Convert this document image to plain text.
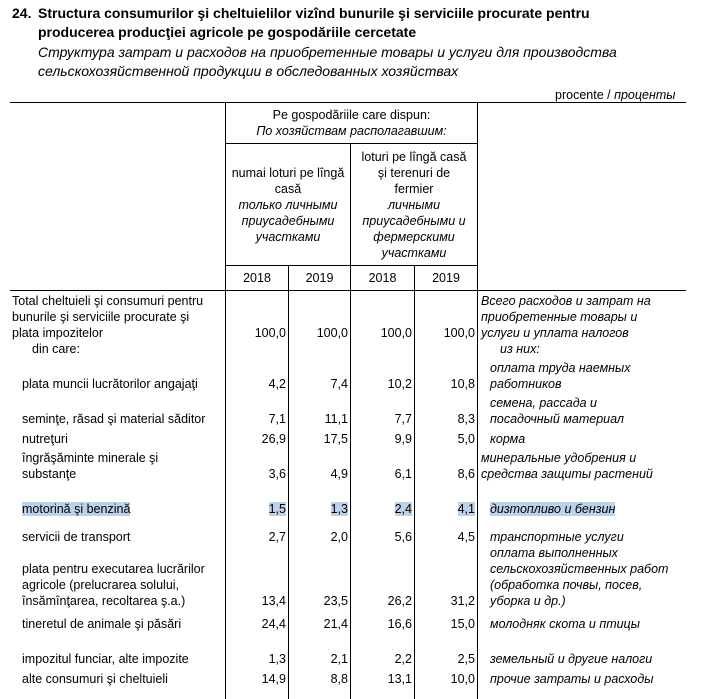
24. Structura consumurilor şi cheltuielilor vizînd bunurile şi serviciile procurate pentru
producerea producţiei agricole pe gospodăriile cercetate
Структура затрат и расходов на приобретенные товары и услуги для производства
сельскохозяйственной продукции в обследованных хозяйствах
procente / проценты
Pe gospodăriile care dispun:
По хозяйствам располагавшим:
numai loturi pe lîngă
casă
только личными
приусадебными
участками
loturi pe lîngă casă
şi terenuri de
fermier
личными
приусадебными и
фермерскими
участками
2018	2019	2018	2019
Total cheltuieli şi consumuri pentru
bunurile şi serviciile procurate şi
plata impozitelor
din care:
100,0	100,0	100,0	100,0
Всего расходов и затрат на
приобретенные товары и
услуги и уплата налогов
из них:
plata muncii lucrătorilor angajaţi	4,2	7,4	10,2	10,8
оплата труда наемных
работников
seminţe, răsad şi material săditor	7,1	11,1	7,7	8,3
семена, рассада и
посадочный материал
nutreţuri	26,9	17,5	9,9	5,0 корма
îngrăşăminte minerale şi
substanţe	3,6	4,9	6,1	8,6
минеральные удобрения и
средства защиты растений
motorină şi benzină	1,5	1,3	2,4	4,1 дизтопливо и бензин
servicii de transport	2,7	2,0	5,6	4,5 транспортные услуги
plata pentru executarea lucrărilor
agricole (prelucrarea solului,
însămînţarea, recoltarea ş.a.)	13,4	23,5	26,2	31,2
оплата выполненных
сельскохозяйственных работ
(обработка почвы, посев,
уборка и др.)
tineretul de animale şi păsări	24,4	21,4	16,6	15,0 молодняк скота и птицы
impozitul funciar, alte impozite	1,3	2,1	2,2	2,5 земельный и другие налоги
alte consumuri şi cheltuieli	14,9	8,8	13,1	10,0 прочие затраты и расходы
